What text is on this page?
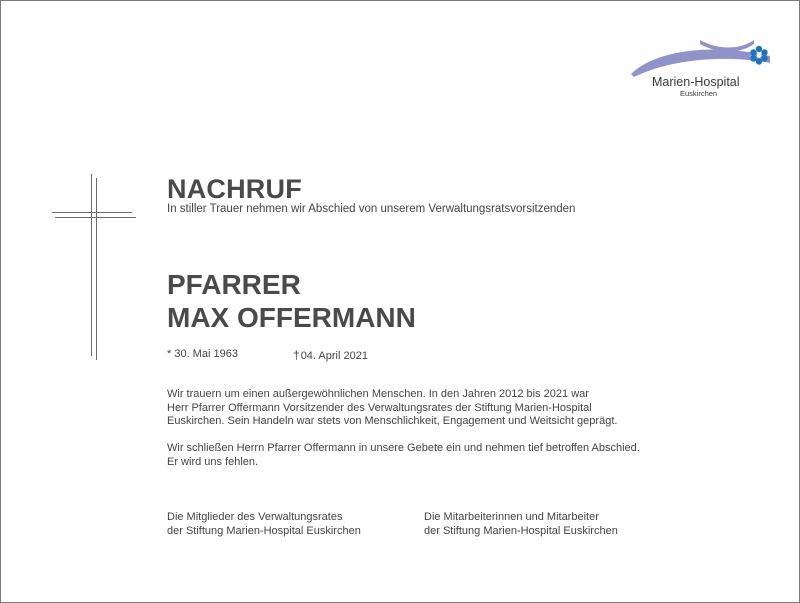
Marien-Hospital
Euskirchen
NACHRUF
In stiller Trauer nehmen wir Abschied von unserem Verwaltungsratsvorsitzenden
PFARRER
MAX OFFERMANN
* 30. Mai 1963	†04. April 2021

Wir trauern um einen außergewöhnlichen Menschen. In den Jahren 2012 bis 2021 war
Herr Pfarrer Offermann Vorsitzender des Verwaltungsrates der Stiftung Marien-Hospital
Euskirchen. Sein Handeln war stets von Menschlichkeit, Engagement und Weitsicht geprägt.

Wir schließen Herrn Pfarrer Offermann in unsere Gebete ein und nehmen tief betroffen Abschied.
Er wird uns fehlen.

Die Mitglieder des Verwaltungsrates
der Stiftung Marien-Hospital Euskirchen
Die Mitarbeiterinnen und Mitarbeiter
der Stiftung Marien-Hospital Euskirchen
